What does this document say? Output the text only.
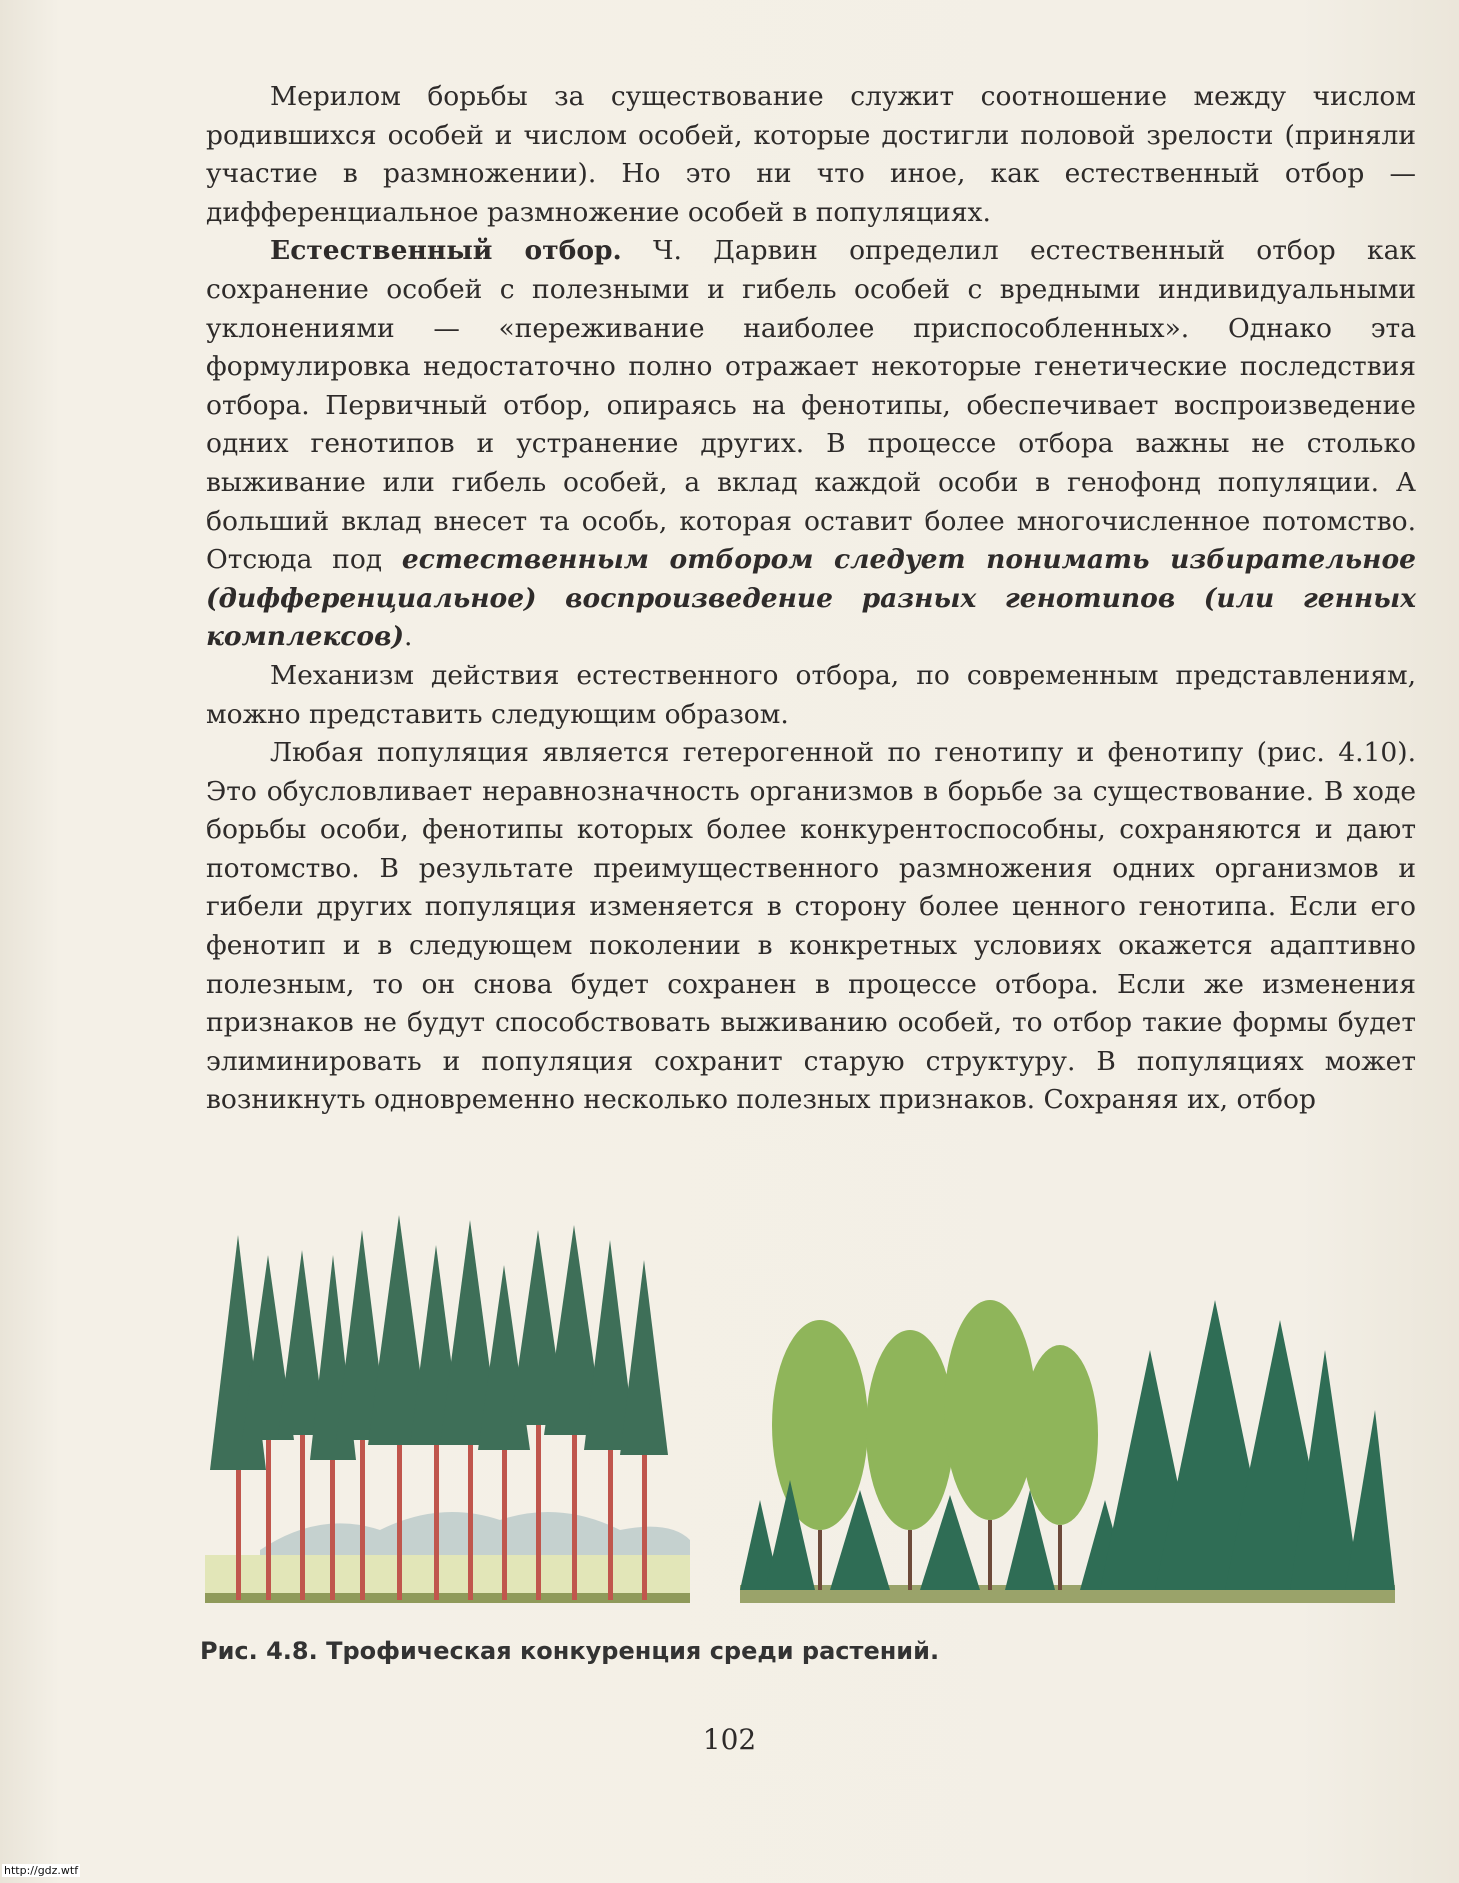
Мерилом борьбы за существование служит соотношение между числом родившихся особей и числом особей, которые достигли половой зрелости (приняли участие в размножении). Но это ни что иное, как естественный отбор — дифференциальное размножение особей в популяциях.

Естественный отбор. Ч. Дарвин определил естественный отбор как сохранение особей с полезными и гибель особей с вредными индивидуальными уклонениями — «переживание наиболее приспособленных». Однако эта формулировка недостаточно полно отражает некоторые генетические последствия отбора. Первичный отбор, опираясь на фенотипы, обеспечивает воспроизведение одних генотипов и устранение других. В процессе отбора важны не столько выживание или гибель особей, а вклад каждой особи в генофонд популяции. А больший вклад внесет та особь, которая оставит более многочисленное потомство. Отсюда под естественным отбором следует понимать избирательное (дифференциальное) воспроизведение разных генотипов (или генных комплексов).

Механизм действия естественного отбора, по современным представлениям, можно представить следующим образом.

Любая популяция является гетерогенной по генотипу и фенотипу (рис. 4.10). Это обусловливает неравнозначность организмов в борьбе за существование. В ходе борьбы особи, фенотипы которых более конкурентоспособны, сохраняются и дают потомство. В результате преимущественного размножения одних организмов и гибели других популяция изменяется в сторону более ценного генотипа. Если его фенотип и в следующем поколении в конкретных условиях окажется адаптивно полезным, то он снова будет сохранен в процессе отбора. Если же изменения признаков не будут способствовать выживанию особей, то отбор такие формы будет элиминировать и популяция сохранит старую структуру. В популяциях может возникнуть одновременно несколько полезных признаков. Сохраняя их, отбор

Рис. 4.8. Трофическая конкуренция среди растений.
102
http://gdz.wtf
